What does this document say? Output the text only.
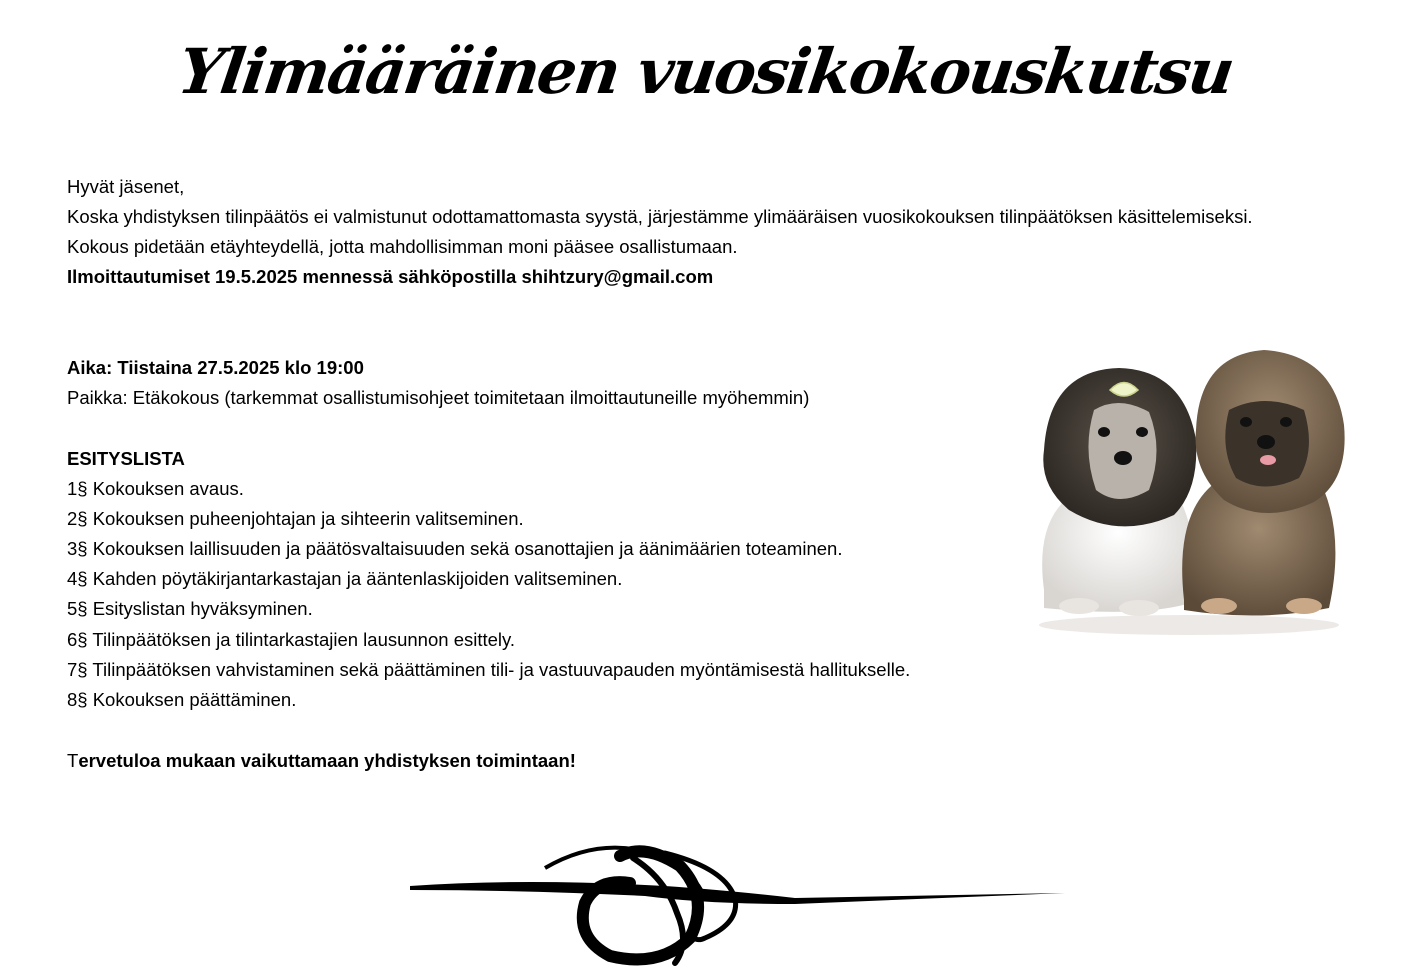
Ylimääräinen vuosikokouskutsu
Hyvät jäsenet,
Koska yhdistyksen tilinpäätös ei valmistunut odottamattomasta syystä, järjestämme ylimääräisen vuosikokouksen tilinpäätöksen käsittelemiseksi.
Kokous pidetään etäyhteydellä, jotta mahdollisimman moni pääsee osallistumaan.
Ilmoittautumiset 19.5.2025 mennessä sähköpostilla shihtzury@gmail.com
Aika: Tiistaina 27.5.2025 klo 19:00
Paikka: Etäkokous (tarkemmat osallistumisohjeet toimitetaan ilmoittautuneille myöhemmin)
ESITYSLISTA
1§ Kokouksen avaus.
2§ Kokouksen puheenjohtajan ja sihteerin valitseminen.
3§ Kokouksen laillisuuden ja päätösvaltaisuuden sekä osanottajien ja äänimäärien toteaminen.
4§ Kahden pöytäkirjantarkastajan ja ääntenlaskijoiden valitseminen.
5§ Esityslistan hyväksyminen.
6§ Tilinpäätöksen ja tilintarkastajien lausunnon esittely.
7§ Tilinpäätöksen vahvistaminen sekä päättäminen tili- ja vastuuvapauden myöntämisestä hallitukselle.
8§ Kokouksen päättäminen.
Tervetuloa mukaan vaikuttamaan yhdistyksen toimintaan!
